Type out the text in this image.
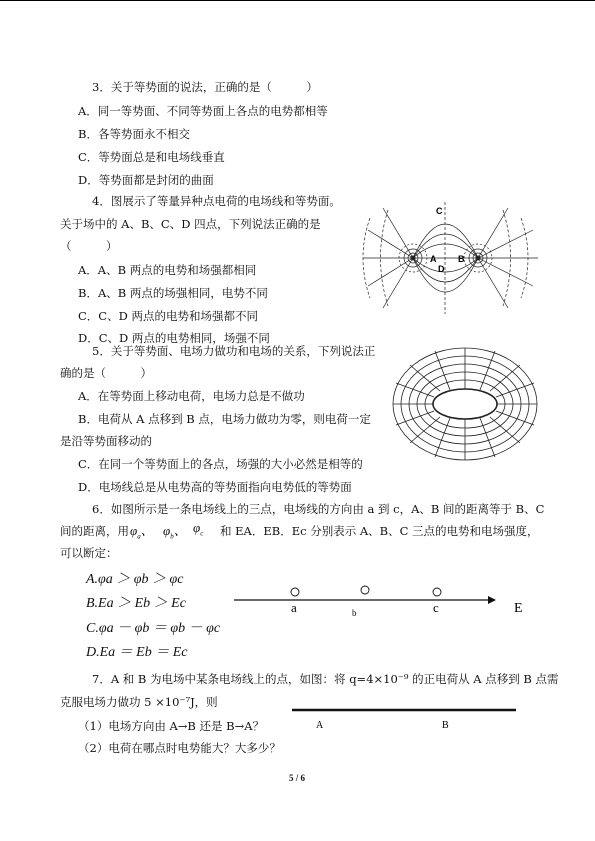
3．关于等势面的说法，正确的是（　　　）
A．同一等势面、不同等势面上各点的电势都相等
B．各等势面永不相交
C．等势面总是和电场线垂直
D．等势面都是封闭的曲面
4．图展示了等量异种点电荷的电场线和等势面。
关于场中的 A、B、C、D 四点，下列说法正确的是
（　　　）
A．A、B 两点的电势和场强都相同
B．A、B 两点的场强相同，电势不同
C．C、D 两点的电势和场强都不同
D．C、D 两点的电势相同，场强不同
A B
C
D
5．关于等势面、电场力做功和电场的关系，下列说法正
确的是（　　　）
A．在等势面上移动电荷，电场力总是不做功
B．电荷从 A 点移到 B 点，电场力做功为零，则电荷一定
是沿等势面移动的
C．在同一个等势面上的各点，场强的大小必然是相等的
D．电场线总是从电势高的等势面指向电势低的等势面
6．如图所示是一条电场线上的三点，电场线的方向由 a 到 c，A、B 间的距离等于 B、C
间的距离，用 $\varphi_a$、 $\varphi_b$、 $\varphi_c$ 和 EA．EB．Ec 分别表示 A、B、C 三点的电势和电场强度，
可以断定：
A.φa ＞ φb ＞ φc
B.Ea ＞ Eb ＞ Ec
C.φa － φb ＝ φb － φc
D.Ea ＝ Eb ＝ Ec
a	b	c	E
7．A 和 B 为电场中某条电场线上的点，如图：将 q=4×10⁻⁹ 的正电荷从 A 点移到 B 点需
克服电场力做功 5 ×10⁻⁷J，则
（1）电场方向由 A→B 还是 B→A？
（2）电荷在哪点时电势能大？大多少？
A	B
5 / 6
